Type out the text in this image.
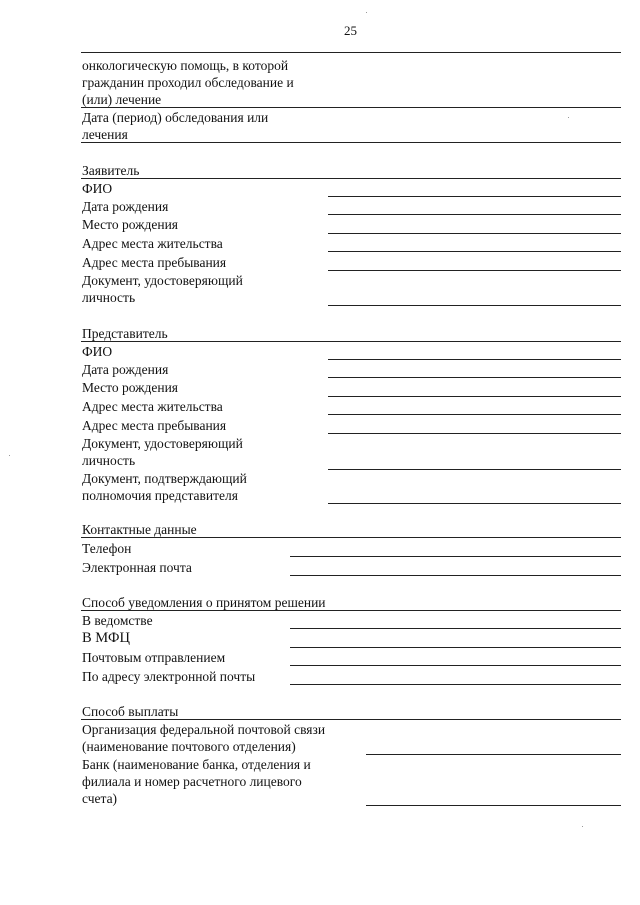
25
онкологическую помощь, в которой
гражданин проходил обследование и
(или) лечение
Дата (период) обследования или
лечения
Заявитель
ФИО
Дата рождения
Место рождения
Адрес места жительства
Адрес места пребывания
Документ, удостоверяющий
личность
Представитель
ФИО
Дата рождения
Место рождения
Адрес места жительства
Адрес места пребывания
Документ, удостоверяющий
личность
Документ, подтверждающий
полномочия представителя
Контактные данные
Телефон
Электронная почта
Способ уведомления о принятом решении
В ведомстве
В МФЦ
Почтовым отправлением
По адресу электронной почты
Способ выплаты
Организация федеральной почтовой связи
(наименование почтового отделения)
Банк (наименование банка, отделения и
филиала и номер расчетного лицевого
счета)
